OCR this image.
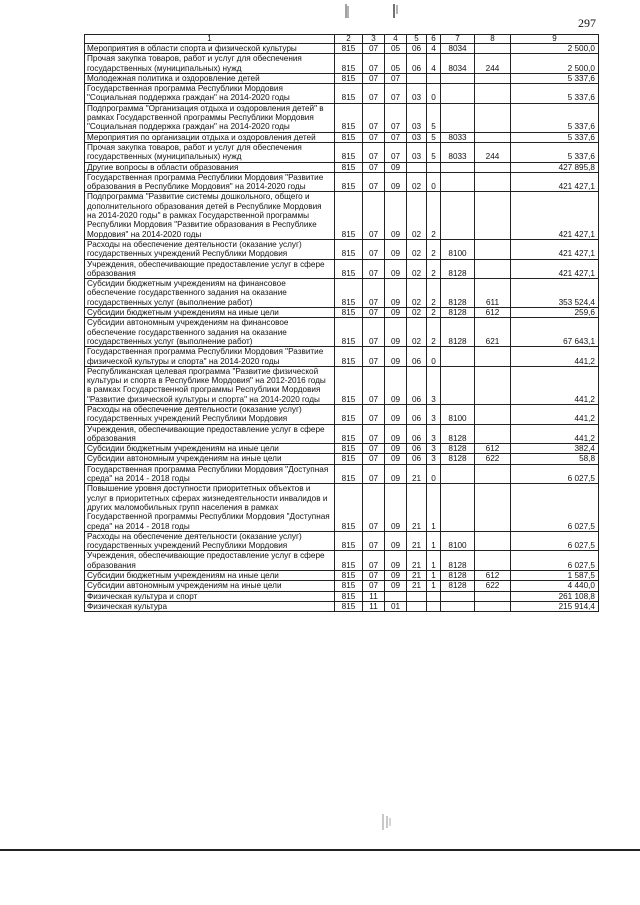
297
1	2	3	4	5	6	7	8	9
Мероприятия в области спорта и физической культуры	815	07	05	06	4	8034		2 500,0
Прочая закупка товаров, работ и услуг для обеспечения государственных (муниципальных) нужд	815	07	05	06	4	8034	244	2 500,0
Молодежная политика и оздоровление детей	815	07	07					5 337,6
Государственная программа Республики Мордовия "Социальная поддержка граждан" на 2014-2020 годы	815	07	07	03	0			5 337,6
Подпрограмма "Организация отдыха и оздоровления детей" в рамках Государственной программы Республики Мордовия "Социальная поддержка граждан" на 2014-2020 годы	815	07	07	03	5			5 337,6
Мероприятия по организации отдыха и оздоровления детей	815	07	07	03	5	8033		5 337,6
Прочая закупка товаров, работ и услуг для обеспечения государственных (муниципальных) нужд	815	07	07	03	5	8033	244	5 337,6
Другие вопросы в области образования	815	07	09					427 895,8
Государственная программа Республики Мордовия "Развитие образования в Республике Мордовия" на 2014-2020 годы	815	07	09	02	0			421 427,1
Подпрограмма "Развитие системы дошкольного, общего и дополнительного образования детей в Республике Мордовия на 2014-2020 годы" в рамках Государственной программы Республики Мордовия "Развитие образования в Республике Мордовия" на 2014-2020 годы	815	07	09	02	2			421 427,1
Расходы на обеспечение деятельности (оказание услуг) государственных учреждений Республики Мордовия	815	07	09	02	2	8100		421 427,1
Учреждения, обеспечивающие предоставление услуг в сфере образования	815	07	09	02	2	8128		421 427,1
Субсидии бюджетным учреждениям на финансовое обеспечение государственного задания на оказание государственных услуг (выполнение работ)	815	07	09	02	2	8128	611	353 524,4
Субсидии бюджетным учреждениям на иные цели	815	07	09	02	2	8128	612	259,6
Субсидии автономным учреждениям на финансовое обеспечение государственного задания на оказание государственных услуг (выполнение работ)	815	07	09	02	2	8128	621	67 643,1
Государственная программа Республики Мордовия "Развитие физической культуры и спорта" на 2014-2020 годы	815	07	09	06	0			441,2
Республиканская целевая программа "Развитие физической культуры и спорта в Республике Мордовия" на 2012-2016 годы в рамках Государственной программы Республики Мордовия "Развитие физической культуры и спорта" на 2014-2020 годы	815	07	09	06	3			441,2
Расходы на обеспечение деятельности (оказание услуг) государственных учреждений Республики Мордовия	815	07	09	06	3	8100		441,2
Учреждения, обеспечивающие предоставление услуг в сфере образования	815	07	09	06	3	8128		441,2
Субсидии бюджетным учреждениям на иные цели	815	07	09	06	3	8128	612	382,4
Субсидии автономным учреждениям на иные цели	815	07	09	06	3	8128	622	58,8
Государственная программа Республики Мордовия "Доступная среда" на 2014 - 2018 годы	815	07	09	21	0			6 027,5
Повышение уровня доступности приоритетных объектов и услуг в приоритетных сферах жизнедеятельности инвалидов и других маломобильных групп населения в рамках Государственной программы Республики Мордовия "Доступная среда" на 2014 - 2018 годы	815	07	09	21	1			6 027,5
Расходы на обеспечение деятельности (оказание услуг) государственных учреждений Республики Мордовия	815	07	09	21	1	8100		6 027,5
Учреждения, обеспечивающие предоставление услуг в сфере образования	815	07	09	21	1	8128		6 027,5
Субсидии бюджетным учреждениям на иные цели	815	07	09	21	1	8128	612	1 587,5
Субсидии автономным учреждениям на иные цели	815	07	09	21	1	8128	622	4 440,0
Физическая культура и спорт	815	11						261 108,8
Физическая культура	815	11	01					215 914,4
